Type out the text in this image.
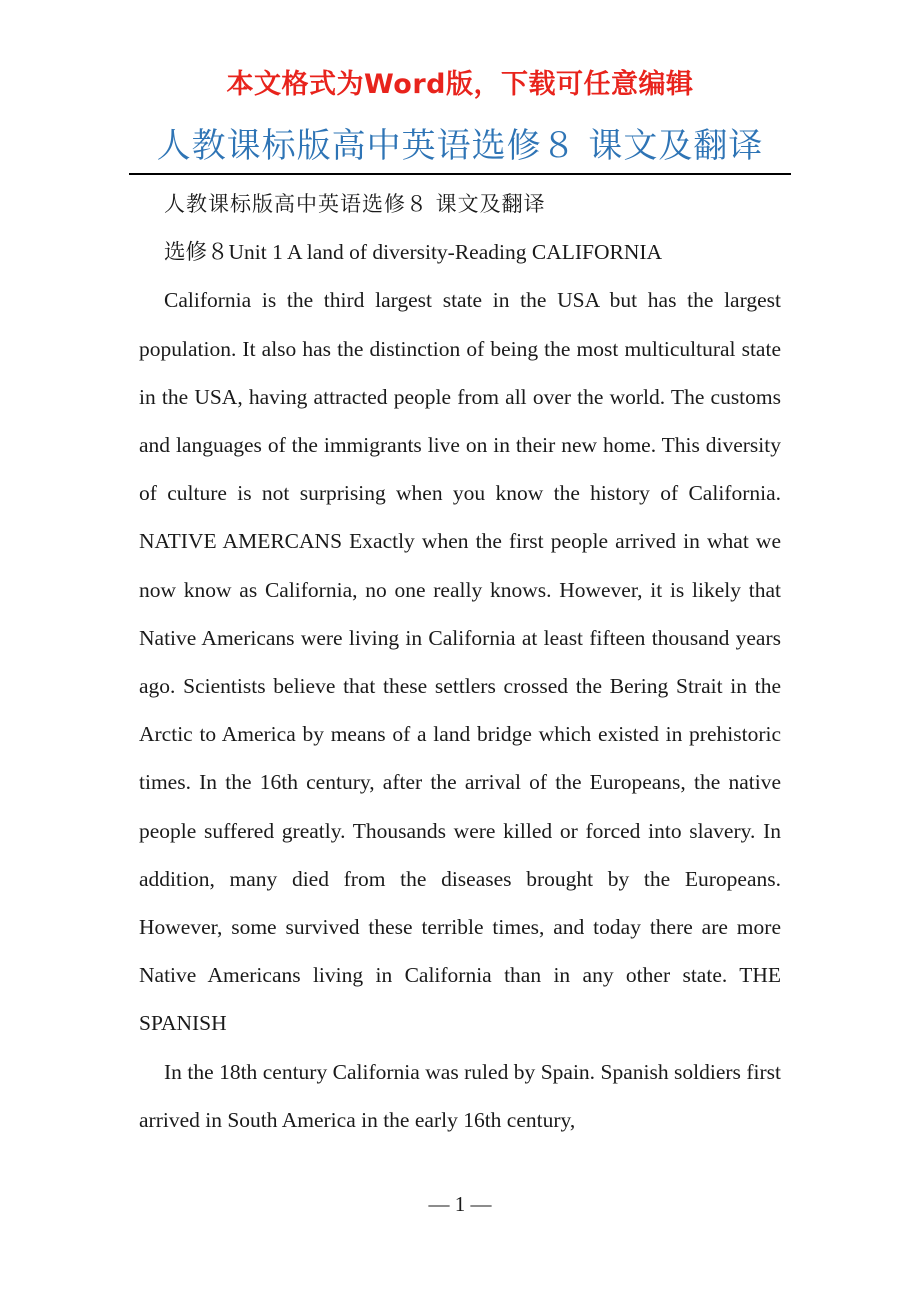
本文格式为Word版，下载可任意编辑
人教课标版高中英语选修８ 课文及翻译

人教课标版高中英语选修８ 课文及翻译

选修８Unit 1 A land of diversity-Reading CALIFORNIA

California is the third largest state in the USA but has the largest population. It also has the distinction of being the most multicultural state in the USA, having attracted people from all over the world. The customs and languages of the immigrants live on in their new home. This diversity of culture is not surprising when you know the history of California. NATIVE AMERCANS Exactly when the first people arrived in what we now know as California, no one really knows. However, it is likely that Native Americans were living in California at least fifteen thousand years ago. Scientists believe that these settlers crossed the Bering Strait in the Arctic to America by means of a land bridge which existed in prehistoric times. In the 16th century, after the arrival of the Europeans, the native people suffered greatly. Thousands were killed or forced into slavery. In addition, many died from the diseases brought by the Europeans. However, some survived these terrible times, and today there are more Native Americans living in California than in any other state. THE SPANISH

In the 18th century California was ruled by Spain. Spanish soldiers first arrived in South America in the early 16th century,

— 1 —
